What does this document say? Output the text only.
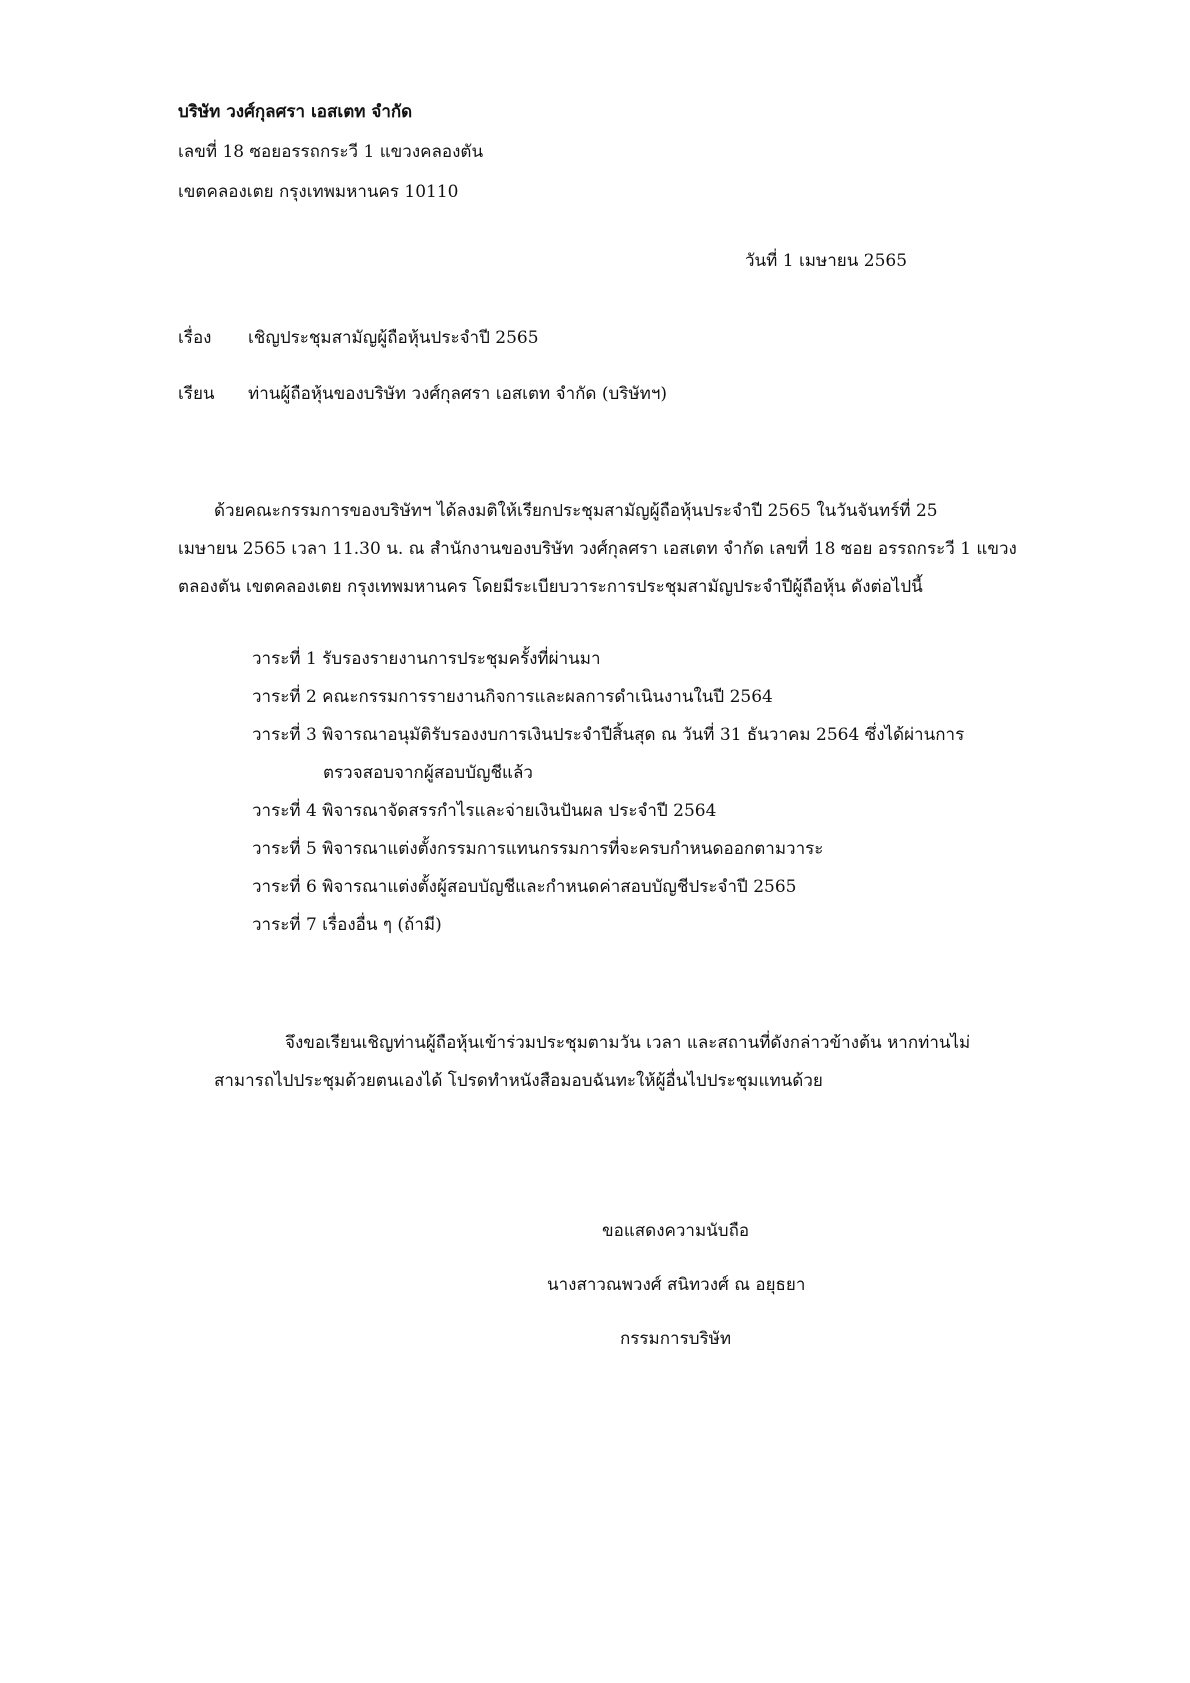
บริษัท วงศ์กุลศรา เอสเตท จำกัด
เลขที่ 18 ซอยอรรถกระวี 1 แขวงคลองตัน
เขตคลองเตย กรุงเทพมหานคร 10110
วันที่ 1 เมษายน 2565
เรื่อง เชิญประชุมสามัญผู้ถือหุ้นประจำปี 2565
เรียน ท่านผู้ถือหุ้นของบริษัท วงศ์กุลศรา เอสเตท จำกัด (บริษัทฯ)
ด้วยคณะกรรมการของบริษัทฯ ได้ลงมติให้เรียกประชุมสามัญผู้ถือหุ้นประจำปี 2565 ในวันจันทร์ที่ 25
เมษายน 2565 เวลา 11.30 น. ณ สำนักงานของบริษัท วงศ์กุลศรา เอสเตท จำกัด เลขที่ 18 ซอย อรรถกระวี 1 แขวง
ตลองตัน เขตคลองเตย กรุงเทพมหานคร โดยมีระเบียบวาระการประชุมสามัญประจำปีผู้ถือหุ้น ดังต่อไปนี้
วาระที่ 1 รับรองรายงานการประชุมครั้งที่ผ่านมา
วาระที่ 2 คณะกรรมการรายงานกิจการและผลการดำเนินงานในปี 2564
วาระที่ 3 พิจารณาอนุมัติรับรองงบการเงินประจำปีสิ้นสุด ณ วันที่ 31 ธันวาคม 2564 ซึ่งได้ผ่านการ
ตรวจสอบจากผู้สอบบัญชีแล้ว
วาระที่ 4 พิจารณาจัดสรรกำไรและจ่ายเงินปันผล ประจำปี 2564
วาระที่ 5 พิจารณาแต่งตั้งกรรมการแทนกรรมการที่จะครบกำหนดออกตามวาระ
วาระที่ 6 พิจารณาแต่งตั้งผู้สอบบัญชีและกำหนดค่าสอบบัญชีประจำปี 2565
วาระที่ 7 เรื่องอื่น ๆ (ถ้ามี)
จึงขอเรียนเชิญท่านผู้ถือหุ้นเข้าร่วมประชุมตามวัน เวลา และสถานที่ดังกล่าวข้างต้น หากท่านไม่
สามารถไปประชุมด้วยตนเองได้ โปรดทำหนังสือมอบฉันทะให้ผู้อื่นไปประชุมแทนด้วย
ขอแสดงความนับถือ
นางสาวณพวงศ์ สนิทวงศ์ ณ อยุธยา
กรรมการบริษัท
